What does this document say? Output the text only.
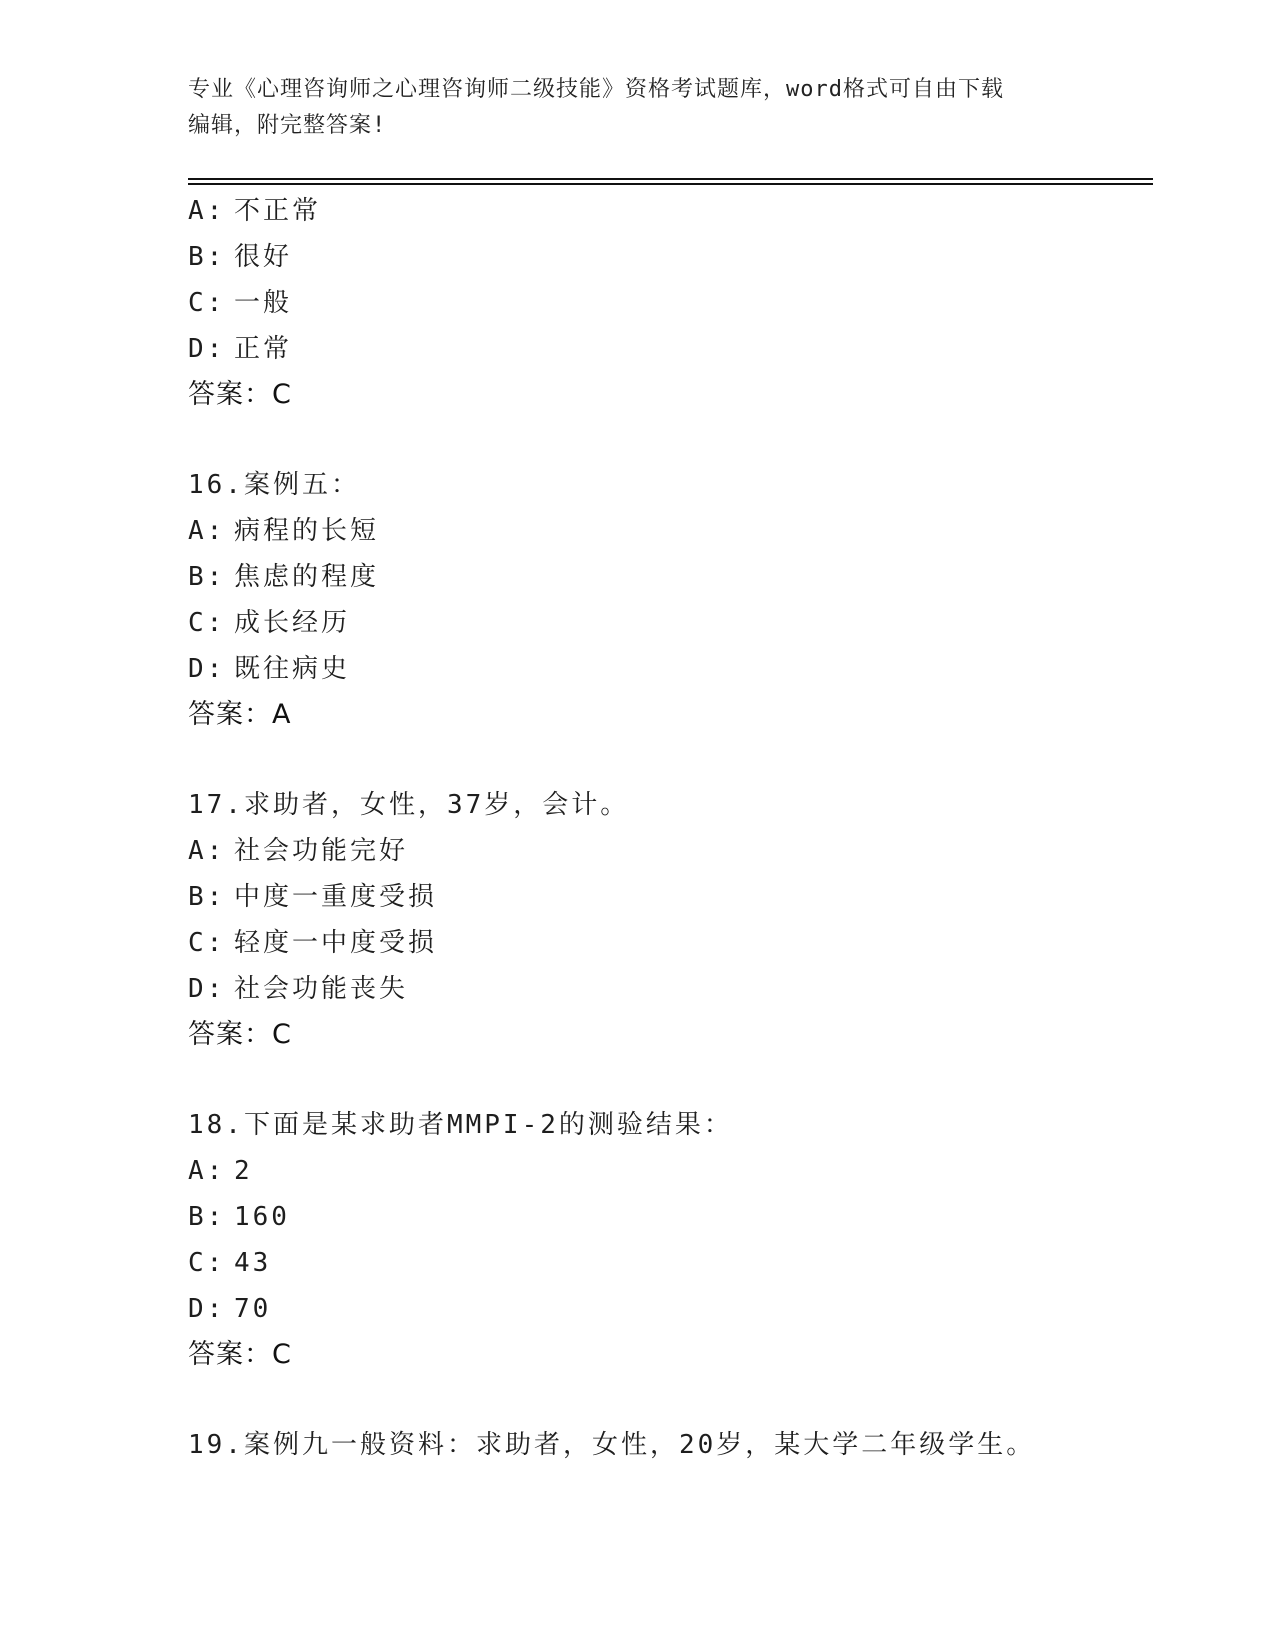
专业《心理咨询师之心理咨询师二级技能》资格考试题库，word格式可自由下载
编辑，附完整答案!
A: 不正常
B: 很好
C: 一般
D: 正常
答案：C
16.案例五：
A: 病程的长短
B: 焦虑的程度
C: 成长经历
D: 既往病史
答案：A
17.求助者，女性，37岁，会计。
A: 社会功能完好
B: 中度一重度受损
C: 轻度一中度受损
D: 社会功能丧失
答案：C
18.下面是某求助者MMPI-2的测验结果：
A: 2
B: 160
C: 43
D: 70
答案：C
19.案例九一般资料：求助者，女性，20岁，某大学二年级学生。
